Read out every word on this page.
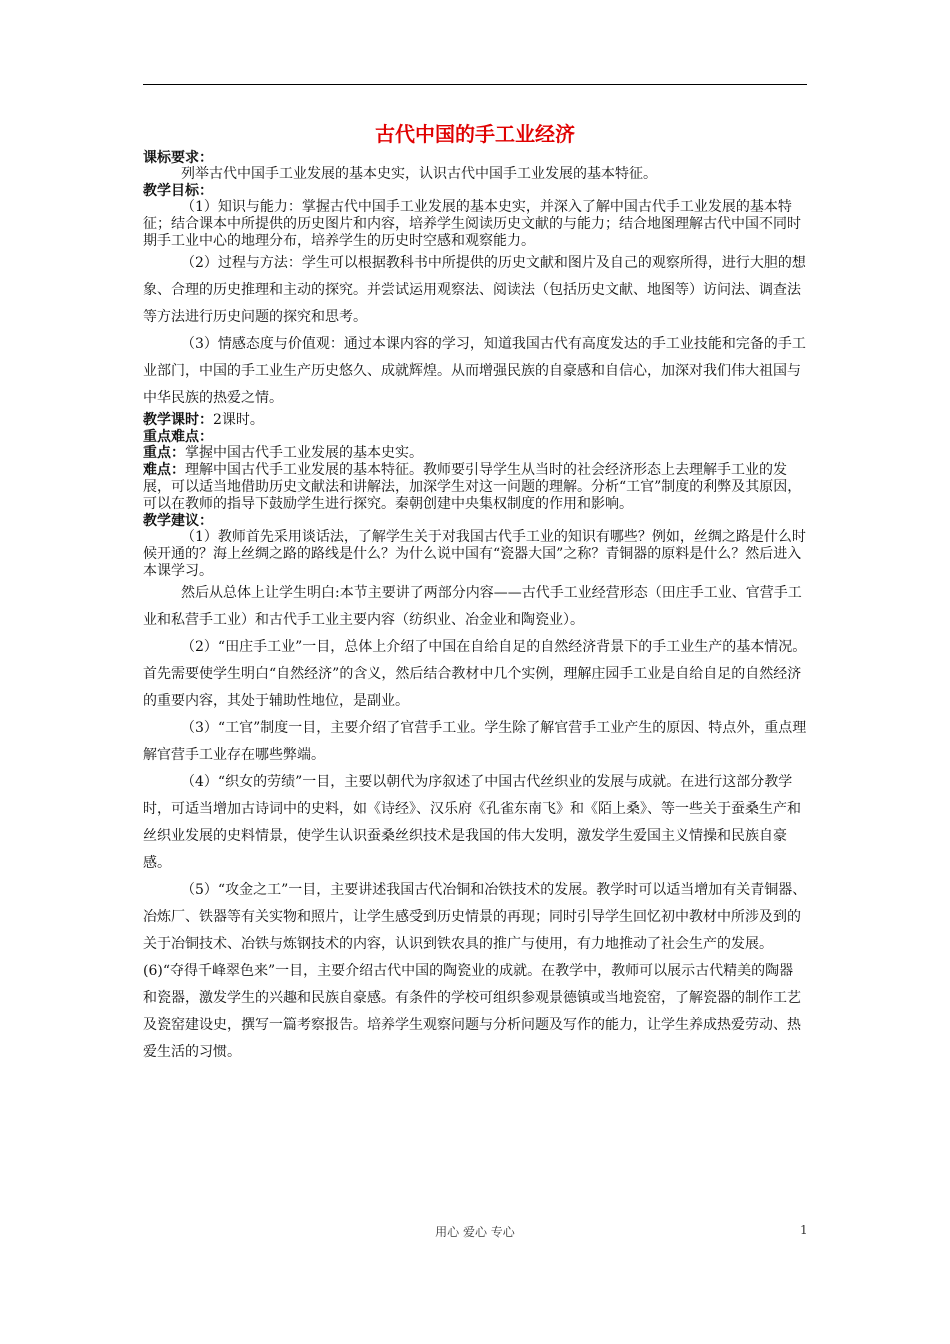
古代中国的手工业经济
课标要求：

列举古代中国手工业发展的基本史实，认识古代中国手工业发展的基本特征。

教学目标：

（1）知识与能力：掌握古代中国手工业发展的基本史实，并深入了解中国古代手工业发展的基本特征；结合课本中所提供的历史图片和内容，培养学生阅读历史文献的与能力；结合地图理解古代中国不同时期手工业中心的地理分布，培养学生的历史时空感和观察能力。

（2）过程与方法：学生可以根据教科书中所提供的历史文献和图片及自己的观察所得，进行大胆的想象、合理的历史推理和主动的探究。并尝试运用观察法、阅读法（包括历史文献、地图等）访问法、调查法等方法进行历史问题的探究和思考。

（3）情感态度与价值观：通过本课内容的学习，知道我国古代有高度发达的手工业技能和完备的手工业部门，中国的手工业生产历史悠久、成就辉煌。从而增强民族的自豪感和自信心，加深对我们伟大祖国与中华民族的热爱之情。

教学课时：2课时。
重点难点：
重点：掌握中国古代手工业发展的基本史实。
难点：理解中国古代手工业发展的基本特征。教师要引导学生从当时的社会经济形态上去理解手工业的发展，可以适当地借助历史文献法和讲解法，加深学生对这一问题的理解。分析“工官”制度的利弊及其原因，可以在教师的指导下鼓励学生进行探究。秦朝创建中央集权制度的作用和影响。
教学建议：

（1）教师首先采用谈话法，了解学生关于对我国古代手工业的知识有哪些？例如，丝绸之路是什么时候开通的？海上丝绸之路的路线是什么？为什么说中国有“瓷器大国”之称？青铜器的原料是什么？然后进入本课学习。

然后从总体上让学生明白:本节主要讲了两部分内容——古代手工业经营形态（田庄手工业、官营手工业和私营手工业）和古代手工业主要内容（纺织业、冶金业和陶瓷业）。

（2）“田庄手工业”一目，总体上介绍了中国在自给自足的自然经济背景下的手工业生产的基本情况。首先需要使学生明白“自然经济”的含义，然后结合教材中几个实例，理解庄园手工业是自给自足的自然经济的重要内容，其处于辅助性地位，是副业。

（3）“工官”制度一目，主要介绍了官营手工业。学生除了解官营手工业产生的原因、特点外，重点理解官营手工业存在哪些弊端。

（4）“织女的劳绩”一目，主要以朝代为序叙述了中国古代丝织业的发展与成就。在进行这部分教学时，可适当增加古诗词中的史料，如《诗经》、汉乐府《孔雀东南飞》和《陌上桑》、等一些关于蚕桑生产和丝织业发展的史料情景，使学生认识蚕桑丝织技术是我国的伟大发明，激发学生爱国主义情操和民族自豪感。

（5）“攻金之工”一目，主要讲述我国古代冶铜和冶铁技术的发展。教学时可以适当增加有关青铜器、冶炼厂、铁器等有关实物和照片，让学生感受到历史情景的再现；同时引导学生回忆初中教材中所涉及到的关于冶铜技术、冶铁与炼钢技术的内容，认识到铁农具的推广与使用，有力地推动了社会生产的发展。

(6)“夺得千峰翠色来”一目，主要介绍古代中国的陶瓷业的成就。在教学中，教师可以展示古代精美的陶器和瓷器，激发学生的兴趣和民族自豪感。有条件的学校可组织参观景德镇或当地瓷窑，了解瓷器的制作工艺及瓷窑建设史，撰写一篇考察报告。培养学生观察问题与分析问题及写作的能力，让学生养成热爱劳动、热爱生活的习惯。

用心 爱心 专心	1
